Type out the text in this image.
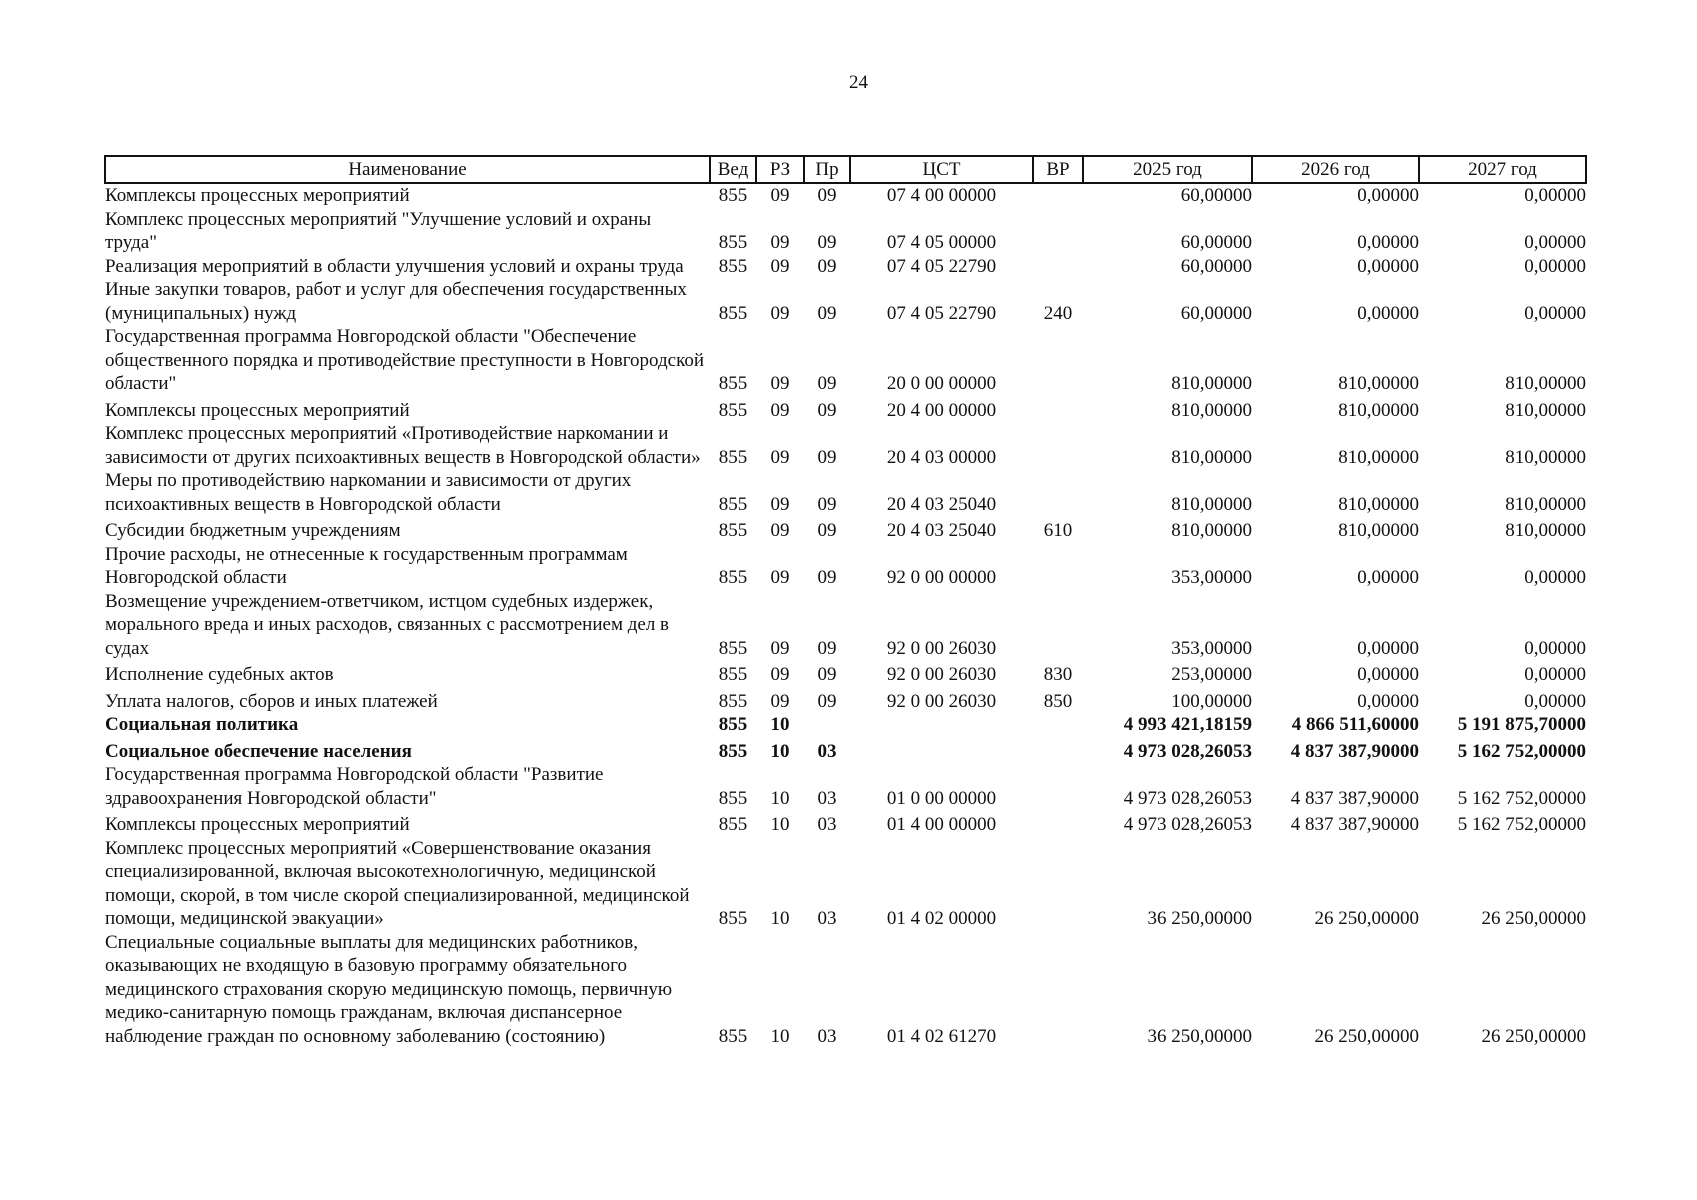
24
Наименование	Вед	РЗ	Пр	ЦСТ	ВР	2025 год	2026 год	2027 год
Комплексы процессных мероприятий	855	09	09	07 4 00 00000		60,00000	0,00000	0,00000
Комплекс процессных мероприятий "Улучшение условий и охраны труда"	855	09	09	07 4 05 00000		60,00000	0,00000	0,00000
Реализация мероприятий в области улучшения условий и охраны труда	855	09	09	07 4 05 22790		60,00000	0,00000	0,00000
Иные закупки товаров, работ и услуг для обеспечения государственных (муниципальных) нужд	855	09	09	07 4 05 22790	240	60,00000	0,00000	0,00000
Государственная программа Новгородской области "Обеспечение общественного порядка и противодействие преступности в Новгородской области"	855	09	09	20 0 00 00000		810,00000	810,00000	810,00000
Комплексы процессных мероприятий	855	09	09	20 4 00 00000		810,00000	810,00000	810,00000
Комплекс процессных мероприятий «Противодействие наркомании и зависимости от других психоактивных веществ в Новгородской области»	855	09	09	20 4 03 00000		810,00000	810,00000	810,00000
Меры по противодействию наркомании и зависимости от других психоактивных веществ в Новгородской области	855	09	09	20 4 03 25040		810,00000	810,00000	810,00000
Субсидии бюджетным учреждениям	855	09	09	20 4 03 25040	610	810,00000	810,00000	810,00000
Прочие расходы, не отнесенные к государственным программам Новгородской области	855	09	09	92 0 00 00000		353,00000	0,00000	0,00000
Возмещение учреждением-ответчиком, истцом судебных издержек, морального вреда и иных расходов, связанных с рассмотрением дел в судах	855	09	09	92 0 00 26030		353,00000	0,00000	0,00000
Исполнение судебных актов	855	09	09	92 0 00 26030	830	253,00000	0,00000	0,00000
Уплата налогов, сборов и иных платежей	855	09	09	92 0 00 26030	850	100,00000	0,00000	0,00000
Социальная политика	855	10				4 993 421,18159	4 866 511,60000	5 191 875,70000
Социальное обеспечение населения	855	10	03			4 973 028,26053	4 837 387,90000	5 162 752,00000
Государственная программа Новгородской области "Развитие здравоохранения Новгородской области"	855	10	03	01 0 00 00000		4 973 028,26053	4 837 387,90000	5 162 752,00000
Комплексы процессных мероприятий	855	10	03	01 4 00 00000		4 973 028,26053	4 837 387,90000	5 162 752,00000
Комплекс процессных мероприятий «Совершенствование оказания специализированной, включая высокотехнологичную, медицинской помощи, скорой, в том числе скорой специализированной, медицинской помощи, медицинской эвакуации»	855	10	03	01 4 02 00000		36 250,00000	26 250,00000	26 250,00000
Специальные социальные выплаты для медицинских работников, оказывающих не входящую в базовую программу обязательного медицинского страхования скорую медицинскую помощь, первичную медико-санитарную помощь гражданам, включая диспансерное наблюдение граждан по основному заболеванию (состоянию)	855	10	03	01 4 02 61270		36 250,00000	26 250,00000	26 250,00000
